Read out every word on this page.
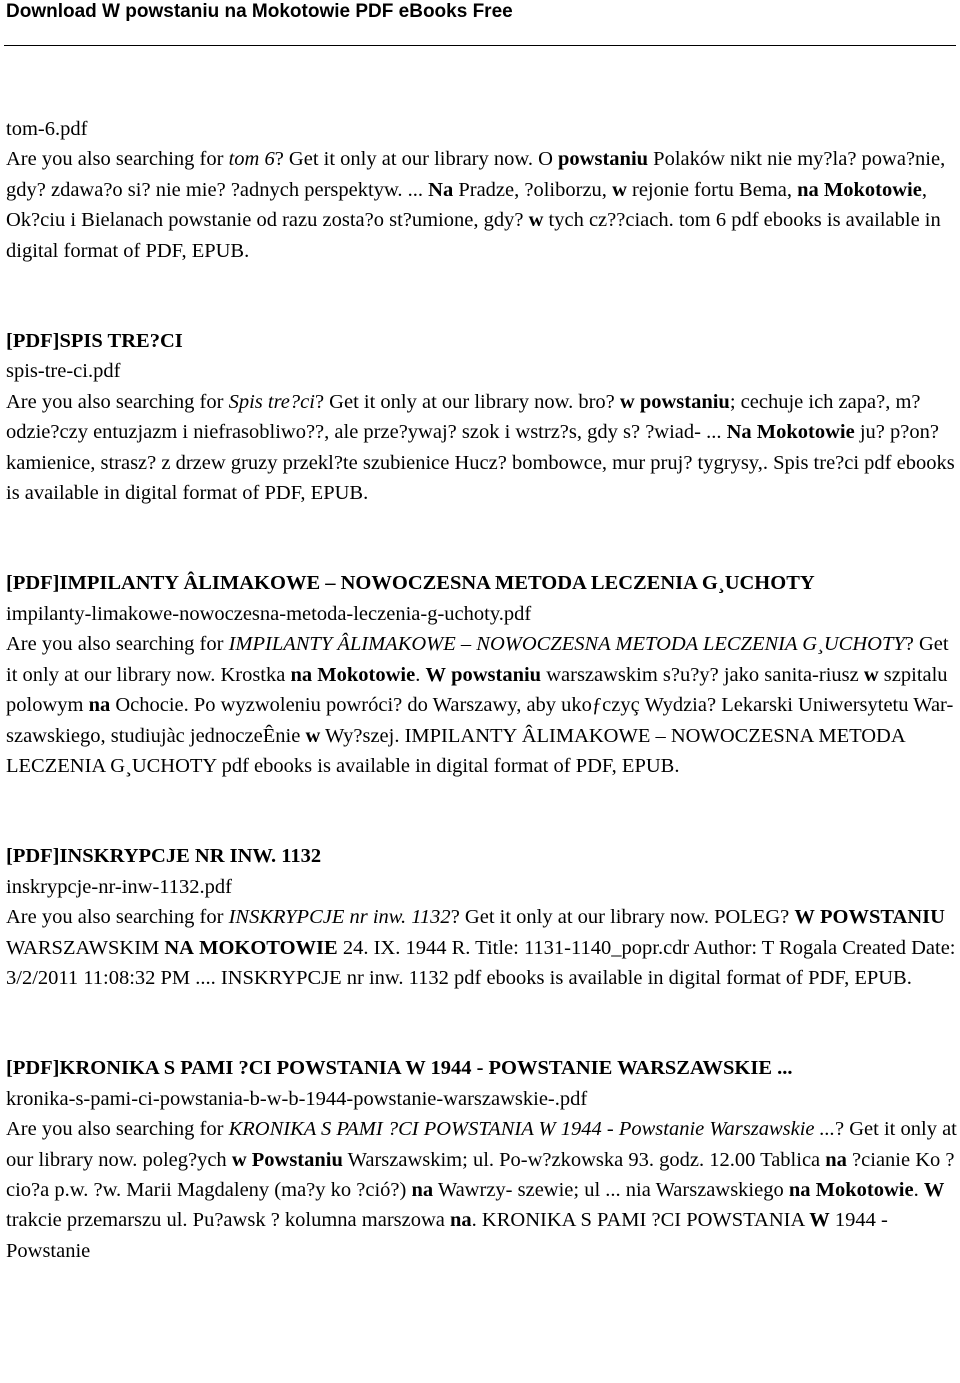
Download W powstaniu na Mokotowie PDF eBooks Free
tom-6.pdf
Are you also searching for tom 6? Get it only at our library now. O powstaniu Polaków nikt nie my?la? powa?nie, gdy? zdawa?o si? nie mie? ?adnych perspektyw. ... Na Pradze, ?oliborzu, w rejonie fortu Bema, na Mokotowie, Ok?ciu i Bielanach powstanie od razu zosta?o st?umione, gdy? w tych cz??ciach. tom 6 pdf ebooks is available in digital format of PDF, EPUB.
[PDF]SPIS TRE?CI
spis-tre-ci.pdf
Are you also searching for Spis tre?ci? Get it only at our library now. bro? w powstaniu; cechuje ich zapa?, m?odzie?czy entuzjazm i niefrasobliwo??, ale prze?ywaj? szok i wstrz?s, gdy s? ?wiad- ... Na Mokotowie ju? p?on? kamienice, strasz? z drzew gruzy przekl?te szubienice Hucz? bombowce, mur pruj? tygrysy,. Spis tre?ci pdf ebooks is available in digital format of PDF, EPUB.
[PDF]IMPILANTY ÂLIMAKOWE – NOWOCZESNA METODA LECZENIA G¸UCHOTY
impilanty-limakowe-nowoczesna-metoda-leczenia-g-uchoty.pdf
Are you also searching for IMPILANTY ÂLIMAKOWE – NOWOCZESNA METODA LECZENIA G¸UCHOTY? Get it only at our library now. Krostka na Mokotowie. W powstaniu warszawskim s?u?y? jako sanita-riusz w szpitalu polowym na Ochocie. Po wyzwoleniu powróci? do Warszawy, aby ukoƒczyç Wydzia? Lekarski Uniwersytetu War-szawskiego, studiujàc jednoczeÊnie w Wy?szej. IMPILANTY ÂLIMAKOWE – NOWOCZESNA METODA LECZENIA G¸UCHOTY pdf ebooks is available in digital format of PDF, EPUB.
[PDF]INSKRYPCJE NR INW. 1132
inskrypcje-nr-inw-1132.pdf
Are you also searching for INSKRYPCJE nr inw. 1132? Get it only at our library now. POLEG? W POWSTANIU WARSZAWSKIM NA MOKOTOWIE 24. IX. 1944 R. Title: 1131-1140_popr.cdr Author: T Rogala Created Date: 3/2/2011 11:08:32 PM .... INSKRYPCJE nr inw. 1132 pdf ebooks is available in digital format of PDF, EPUB.
[PDF]KRONIKA S PAMI ?CI POWSTANIA W 1944 - POWSTANIE WARSZAWSKIE ...
kronika-s-pami-ci-powstania-b-w-b-1944-powstanie-warszawskie-.pdf
Are you also searching for KRONIKA S PAMI ?CI POWSTANIA W 1944 - Powstanie Warszawskie ...? Get it only at our library now. poleg?ych w Powstaniu Warszawskim; ul. Po-w?zkowska 93. godz. 12.00 Tablica na ?cianie Ko ?cio?a p.w. ?w. Marii Magdaleny (ma?y ko ?ció?) na Wawrzy- szewie; ul ... nia Warszawskiego na Mokotowie. W trakcie przemarszu ul. Pu?awsk ? kolumna marszowa na. KRONIKA S PAMI ?CI POWSTANIA W 1944 - Powstanie
